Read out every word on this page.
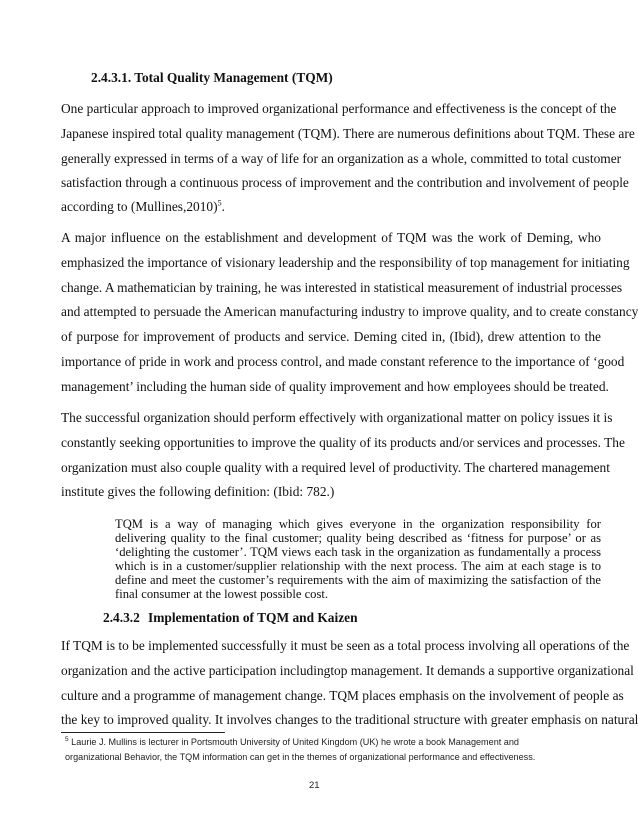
2.4.3.1. Total Quality Management (TQM)
One particular approach to improved organizational performance and effectiveness is the concept of the
Japanese inspired total quality management (TQM). There are numerous definitions about TQM. These are
generally expressed in terms of a way of life for an organization as a whole, committed to total customer
satisfaction through a continuous process of improvement and the contribution and involvement of people
according to (Mullines,2010)$^5$.
A major influence on the establishment and development of TQM was the work of Deming, who
emphasized the importance of visionary leadership and the responsibility of top management for initiating
change. A mathematician by training, he was interested in statistical measurement of industrial processes
and attempted to persuade the American manufacturing industry to improve quality, and to create constancy
of purpose for improvement of products and service. Deming cited in, (Ibid), drew attention to the
importance of pride in work and process control, and made constant reference to the importance of ‘good
management’ including the human side of quality improvement and how employees should be treated.
The successful organization should perform effectively with organizational matter on policy issues it is
constantly seeking opportunities to improve the quality of its products and/or services and processes. The
organization must also couple quality with a required level of productivity. The chartered management
institute gives the following definition: (Ibid: 782.)
TQM is a way of managing which gives everyone in the organization responsibility for
delivering quality to the final customer; quality being described as ‘fitness for purpose’ or as
‘delighting the customer’. TQM views each task in the organization as fundamentally a process
which is in a customer/supplier relationship with the next process. The aim at each stage is to
define and meet the customer’s requirements with the aim of maximizing the satisfaction of the
final consumer at the lowest possible cost.
2.4.3.2 Implementation of TQM and Kaizen
If TQM is to be implemented successfully it must be seen as a total process involving all operations of the
organization and the active participation includingtop management. It demands a supportive organizational
culture and a programme of management change. TQM places emphasis on the involvement of people as
the key to improved quality. It involves changes to the traditional structure with greater emphasis on natural
$^5$ Laurie J. Mullins is lecturer in Portsmouth University of United Kingdom (UK) he wrote a book Management and
organizational Behavior, the TQM information can get in the themes of organizational performance and effectiveness.
21
